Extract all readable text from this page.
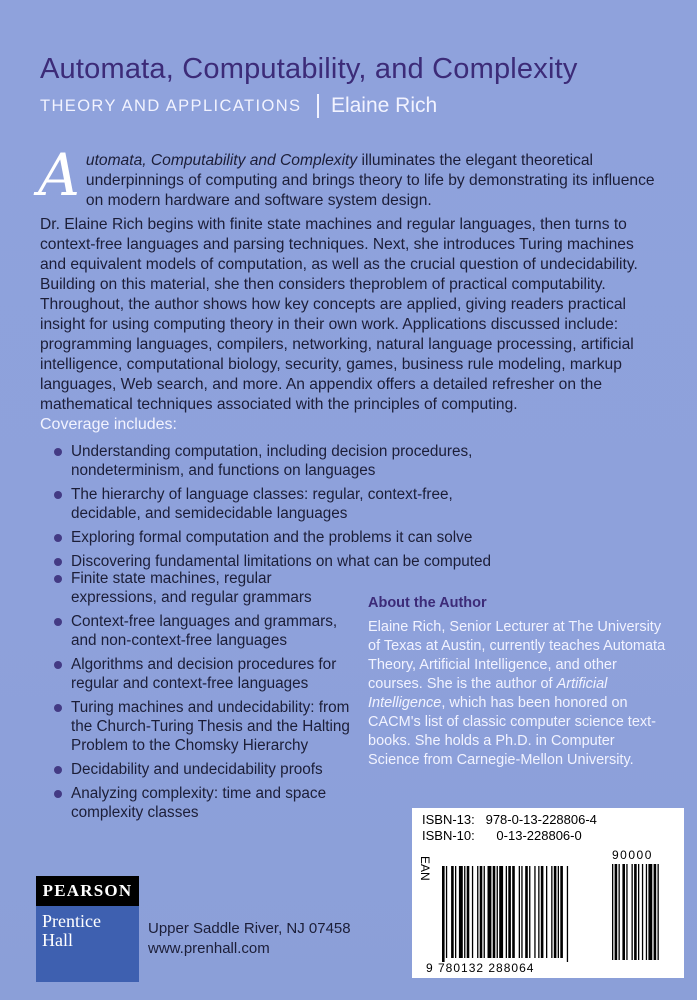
Automata, Computability, and Complexity
THEORY AND APPLICATIONS Elaine Rich

Automata, Computability and Complexity illuminates the elegant theoretical underpinnings of computing and brings theory to life by demonstrating its influence on modern hardware and software system design.

Dr. Elaine Rich begins with finite state machines and regular languages, then turns to context-free languages and parsing techniques. Next, she introduces Turing machines and equivalent models of computation, as well as the crucial question of undecidability. Building on this material, she then considers theproblem of practical computability.

Throughout, the author shows how key concepts are applied, giving readers practical insight for using computing theory in their own work. Applications discussed include: programming languages, compilers, networking, natural language processing, artificial intelligence, computational biology, security, games, business rule modeling, markup languages, Web search, and more. An appendix offers a detailed refresher on the mathematical techniques associated with the principles of computing.

Coverage includes:
Understanding computation, including decision procedures, nondeterminism, and functions on languages
The hierarchy of language classes: regular, context-free, decidable, and semidecidable languages
Exploring formal computation and the problems it can solve
Discovering fundamental limitations on what can be computed
Finite state machines, regular expressions, and regular grammars
Context-free languages and grammars, and non-context-free languages
Algorithms and decision procedures for regular and context-free languages
Turing machines and undecidability: from the Church-Turing Thesis and the Halting Problem to the Chomsky Hierarchy
Decidability and undecidability proofs
Analyzing complexity: time and space complexity classes
About the Author
Elaine Rich, Senior Lecturer at The University of Texas at Austin, currently teaches Automata Theory, Artificial Intelligence, and other courses. She is the author of Artificial Intelligence, which has been honored on CACM's list of classic computer science text-books. She holds a Ph.D. in Computer Science from Carnegie-Mellon University.
ISBN-13: 978-0-13-228806-4
ISBN-10: 0-13-228806-0
90000
EAN
9 780132 288064
PEARSON
Prentice
Hall
Upper Saddle River, NJ 07458
www.prenhall.com
